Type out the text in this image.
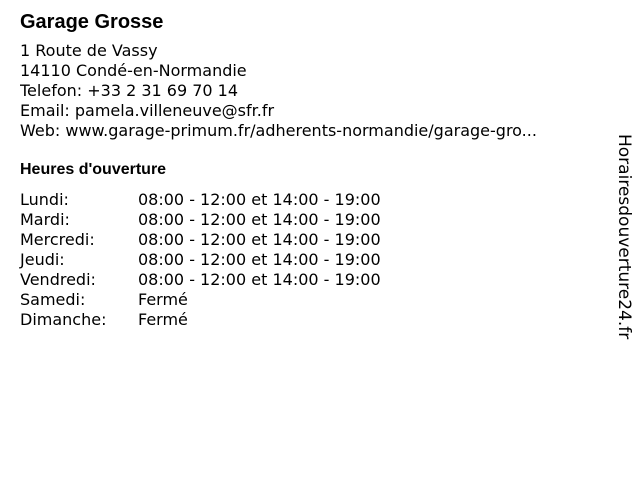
Garage Grosse
1 Route de Vassy
14110 Condé-en-Normandie
Telefon: +33 2 31 69 70 14
Email: pamela.villeneuve@sfr.fr
Web: www.garage-primum.fr/adherents-normandie/garage-gro...
Heures d'ouverture
Lundi:	08:00 - 12:00 et 14:00 - 19:00
Mardi:	08:00 - 12:00 et 14:00 - 19:00
Mercredi:	08:00 - 12:00 et 14:00 - 19:00
Jeudi:	08:00 - 12:00 et 14:00 - 19:00
Vendredi:	08:00 - 12:00 et 14:00 - 19:00
Samedi:	Fermé
Dimanche:	Fermé	Horairesdouverture24.fr
